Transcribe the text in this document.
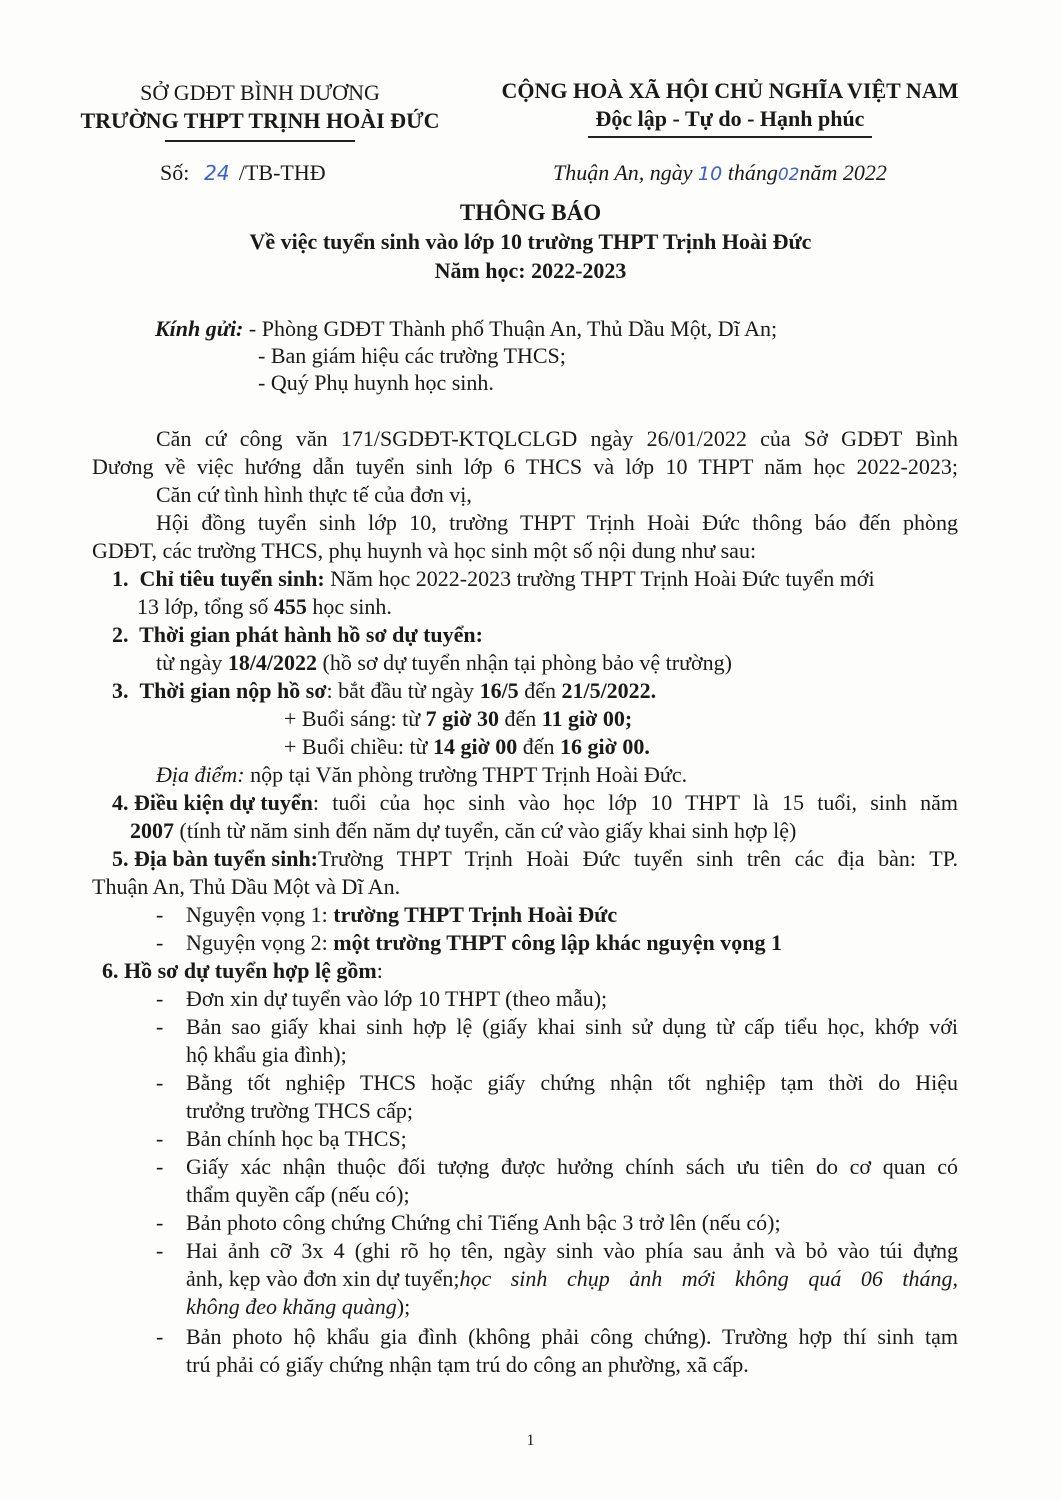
SỞ GDĐT BÌNH DƯƠNG
TRƯỜNG THPT TRỊNH HOÀI ĐỨC
CỘNG HOÀ XÃ HỘI CHỦ NGHĨA VIỆT NAM
Độc lập - Tự do - Hạnh phúc
Số: 24 /TB-THĐ	Thuận An, ngày 10 tháng02năm 2022
THÔNG BÁO
Về việc tuyển sinh vào lớp 10 trường THPT Trịnh Hoài Đức
Năm học: 2022-2023
Kính gửi: - Phòng GDĐT Thành phố Thuận An, Thủ Dầu Một, Dĩ An;
- Ban giám hiệu các trường THCS;
- Quý Phụ huynh học sinh.
Căn cứ công văn 171/SGDĐT-KTQLCLGD ngày 26/01/2022 của Sở GDĐT Bình
Dương về việc hướng dẫn tuyển sinh lớp 6 THCS và lớp 10 THPT năm học 2022-2023;
Căn cứ tình hình thực tế của đơn vị,
Hội đồng tuyển sinh lớp 10, trường THPT Trịnh Hoài Đức thông báo đến phòng
GDĐT, các trường THCS, phụ huynh và học sinh một số nội dung như sau:
1. Chỉ tiêu tuyển sinh: Năm học 2022-2023 trường THPT Trịnh Hoài Đức tuyển mới
13 lớp, tổng số 455 học sinh.
2. Thời gian phát hành hồ sơ dự tuyển:
từ ngày 18/4/2022 (hồ sơ dự tuyển nhận tại phòng bảo vệ trường)
3. Thời gian nộp hồ sơ: bắt đầu từ ngày 16/5 đến 21/5/2022.
+ Buổi sáng: từ 7 giờ 30 đến 11 giờ 00;
+ Buổi chiều: từ 14 giờ 00 đến 16 giờ 00.
Địa điểm: nộp tại Văn phòng trường THPT Trịnh Hoài Đức.
4.
Điều kiện dự tuyển : tuổi của học sinh vào học lớp 10 THPT là 15 tuổi, sinh năm
2007 (tính từ năm sinh đến năm dự tuyển, căn cứ vào giấy khai sinh hợp lệ)
5.
Địa bàn tuyển sinh: Trường THPT Trịnh Hoài Đức tuyển sinh trên các địa bàn: TP.
Thuận An, Thủ Dầu Một và Dĩ An.
- Nguyện vọng 1: trường THPT Trịnh Hoài Đức
- Nguyện vọng 2: một trường THPT công lập khác nguyện vọng 1
6. Hồ sơ dự tuyển hợp lệ gồm:
- Đơn xin dự tuyển vào lớp 10 THPT (theo mẫu);
-	Bản sao giấy khai sinh hợp lệ (giấy khai sinh sử dụng từ cấp tiểu học, khớp với
hộ khẩu gia đình);
-	Bằng tốt nghiệp THCS hoặc giấy chứng nhận tốt nghiệp tạm thời do Hiệu
trưởng trường THCS cấp;
- Bản chính học bạ THCS;
-	Giấy xác nhận thuộc đối tượng được hưởng chính sách ưu tiên do cơ quan có
thẩm quyền cấp (nếu có);
- Bản photo công chứng Chứng chỉ Tiếng Anh bậc 3 trở lên (nếu có);
-	Hai ảnh cỡ 3x 4 (ghi rõ họ tên, ngày sinh vào phía sau ảnh và bỏ vào túi đựng
ảnh, kẹp vào đơn xin dự tuyển; học sinh chụp ảnh mới không quá 06 tháng,
không đeo khăng quàng);
-	Bản photo hộ khẩu gia đình (không phải công chứng). Trường hợp thí sinh tạm
trú phải có giấy chứng nhận tạm trú do công an phường, xã cấp.
1
